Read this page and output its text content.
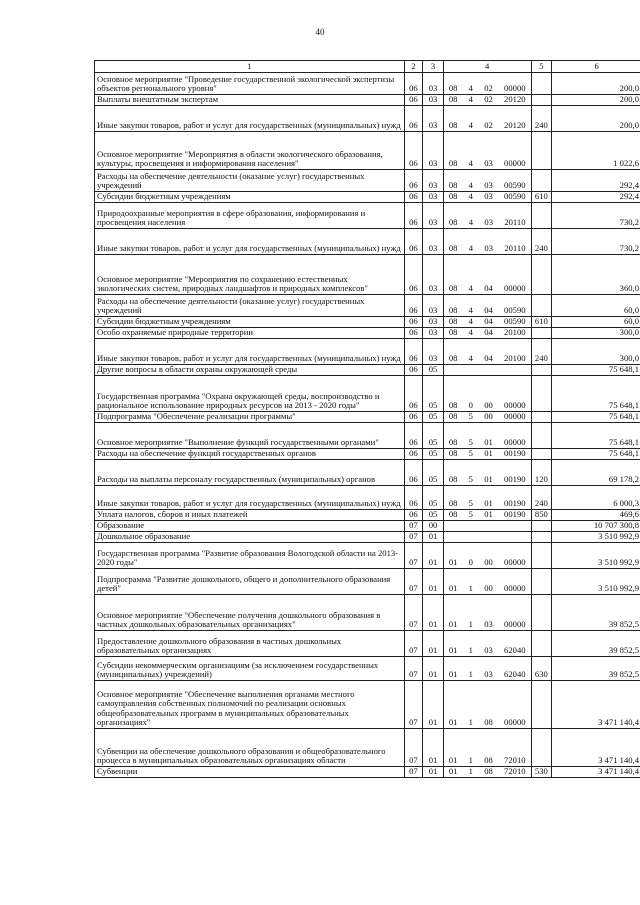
40
1	2	3	4	5	6
Основное мероприятие "Проведение государственной экологической экспертизы объектов регионального уровня"	06	03	08 4 02 00000		200,0
Выплаты внештатным экспертам	06	03	08 4 02 20120		200,0
Иные закупки товаров, работ и услуг для государственных (муниципальных) нужд	06	03	08 4 02 20120	240	200,0
Основное мероприятие "Мероприятия в области экологического образования, культуры, просвещения и информирования населения"	06	03	08 4 03 00000		1 022,6
Расходы на обеспечение деятельности (оказание услуг) государственных учреждений	06	03	08 4 03 00590		292,4
Субсидии бюджетным учреждениям	06	03	08 4 03 00590	610	292,4
Природоохранные мероприятия в сфере образования, информирования и просвещения населения	06	03	08 4 03 20110		730,2
Иные закупки товаров, работ и услуг для государственных (муниципальных) нужд	06	03	08 4 03 20110	240	730,2
Основное мероприятие "Мероприятия по сохранению естественных экологических систем, природных ландшафтов и природных комплексов"	06	03	08 4 04 00000		360,0
Расходы на обеспечение деятельности (оказание услуг) государственных учреждений	06	03	08 4 04 00590		60,0
Субсидии бюджетным учреждениям	06	03	08 4 04 00590	610	60,0
Особо охраняемые природные территории	06	03	08 4 04 20100		300,0
Иные закупки товаров, работ и услуг для государственных (муниципальных) нужд	06	03	08 4 04 20100	240	300,0
Другие вопросы в области охраны окружающей среды	06	05			75 648,1
Государственная программа "Охрана окружающей среды, воспроизводство и рациональное использование природных ресурсов на 2013 - 2020 годы"	06	05	08 0 00 00000		75 648,1
Подпрограмма "Обеспечение реализации программы"	06	05	08 5 00 00000		75 648,1
Основное мероприятие "Выполнение функций государственными органами"	06	05	08 5 01 00000		75 648,1
Расходы на обеспечение функций государственных органов	06	05	08 5 01 00190		75 648,1
Расходы на выплаты персоналу государственных (муниципальных) органов	06	05	08 5 01 00190	120	69 178,2
Иные закупки товаров, работ и услуг для государственных (муниципальных) нужд	06	05	08 5 01 00190	240	6 000,3
Уплата налогов, сборов и иных платежей	06	05	08 5 01 00190	850	469,6
Образование	07	00			10 707 300,8
Дошкольное образование	07	01			3 510 992,9
Государственная программа "Развитие образования Вологодской области на 2013-2020 годы"	07	01	01 0 00 00000		3 510 992,9
Подпрограмма "Развитие дошкольного, общего и дополнительного образования детей"	07	01	01 1 00 00000		3 510 992,9
Основное мероприятие "Обеспечение получения дошкольного образования в частных дошкольных образовательных организациях"	07	01	01 1 03 00000		39 852,5
Предоставление дошкольного образования в частных дошкольных образовательных организациях	07	01	01 1 03 62040		39 852,5
Субсидии некоммерческим организациям (за исключением государственных (муниципальных) учреждений)	07	01	01 1 03 62040	630	39 852,5
Основное мероприятие "Обеспечение выполнения органами местного самоуправления собственных полномочий по реализации основных общеобразовательных программ в муниципальных образовательных организациях"	07	01	01 1 08 00000		3 471 140,4
Субвенции на обеспечение дошкольного образования и общеобразовательного процесса в муниципальных образовательных организациях области	07	01	01 1 08 72010		3 471 140,4
Субвенции	07	01	01 1 08 72010	530	3 471 140,4
